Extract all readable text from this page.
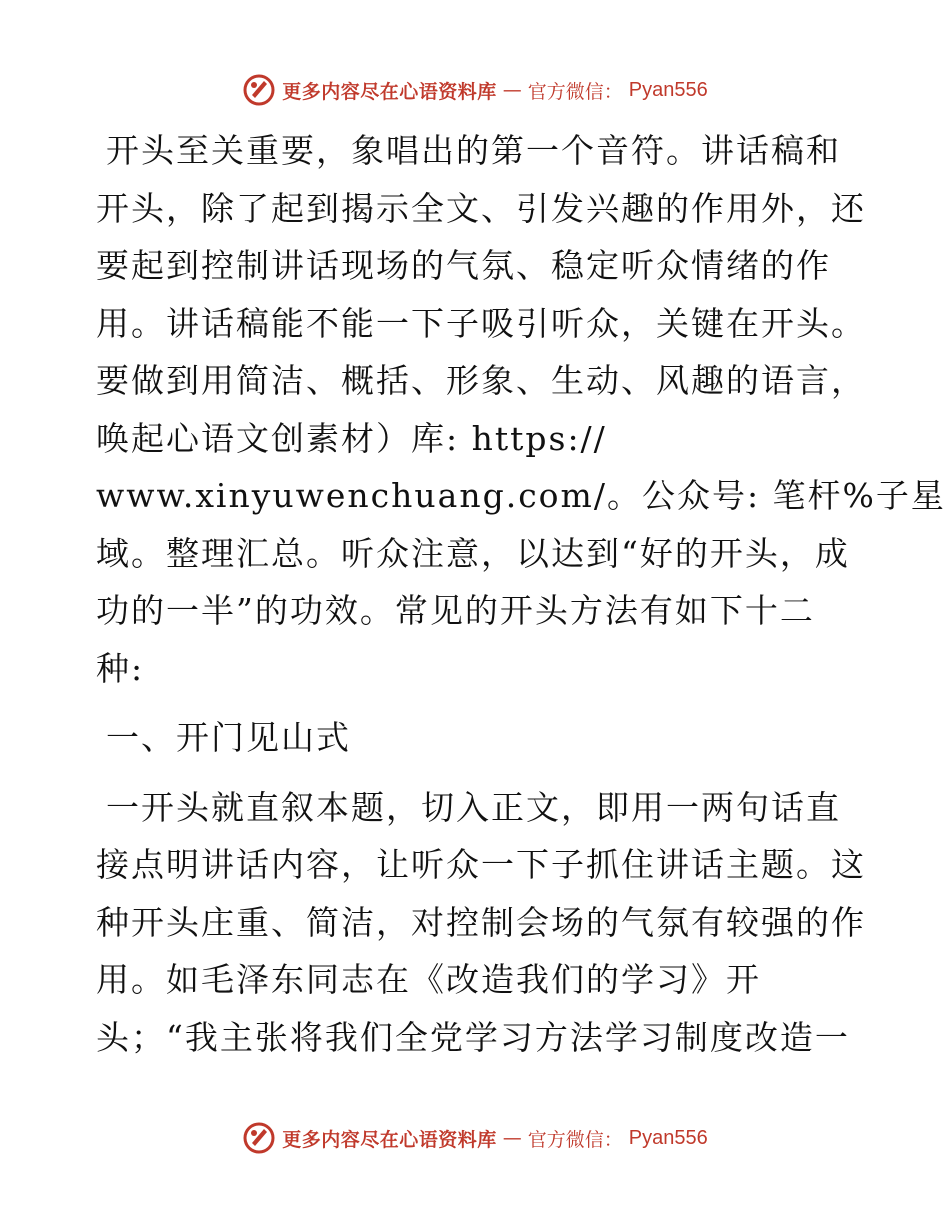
更多内容尽在心语资料库 — 官方微信： Pyan556
开头至关重要，象唱出的第一个音符。讲话稿和
开头，除了起到揭示全文、引发兴趣的作用外，还
要起到控制讲话现场的气氛、稳定听众情绪的作
用。讲话稿能不能一下子吸引听众，关键在开头。
要做到用简洁、概括、形象、生动、风趣的语言，
唤起心语文创素材）库: https://
www.xinyuwenchuang.com/。公众号: 笔杆%子星
域。整理汇总。听众注意，以达到“好的开头，成
功的一半”的功效。常见的开头方法有如下十二
种:
一、开门见山式
一开头就直叙本题，切入正文，即用一两句话直
接点明讲话内容，让听众一下子抓住讲话主题。这
种开头庄重、简洁，对控制会场的气氛有较强的作
用。如毛泽东同志在《改造我们的学习》开
头；“我主张将我们全党学习方法学习制度改造一
更多内容尽在心语资料库 — 官方微信： Pyan556
